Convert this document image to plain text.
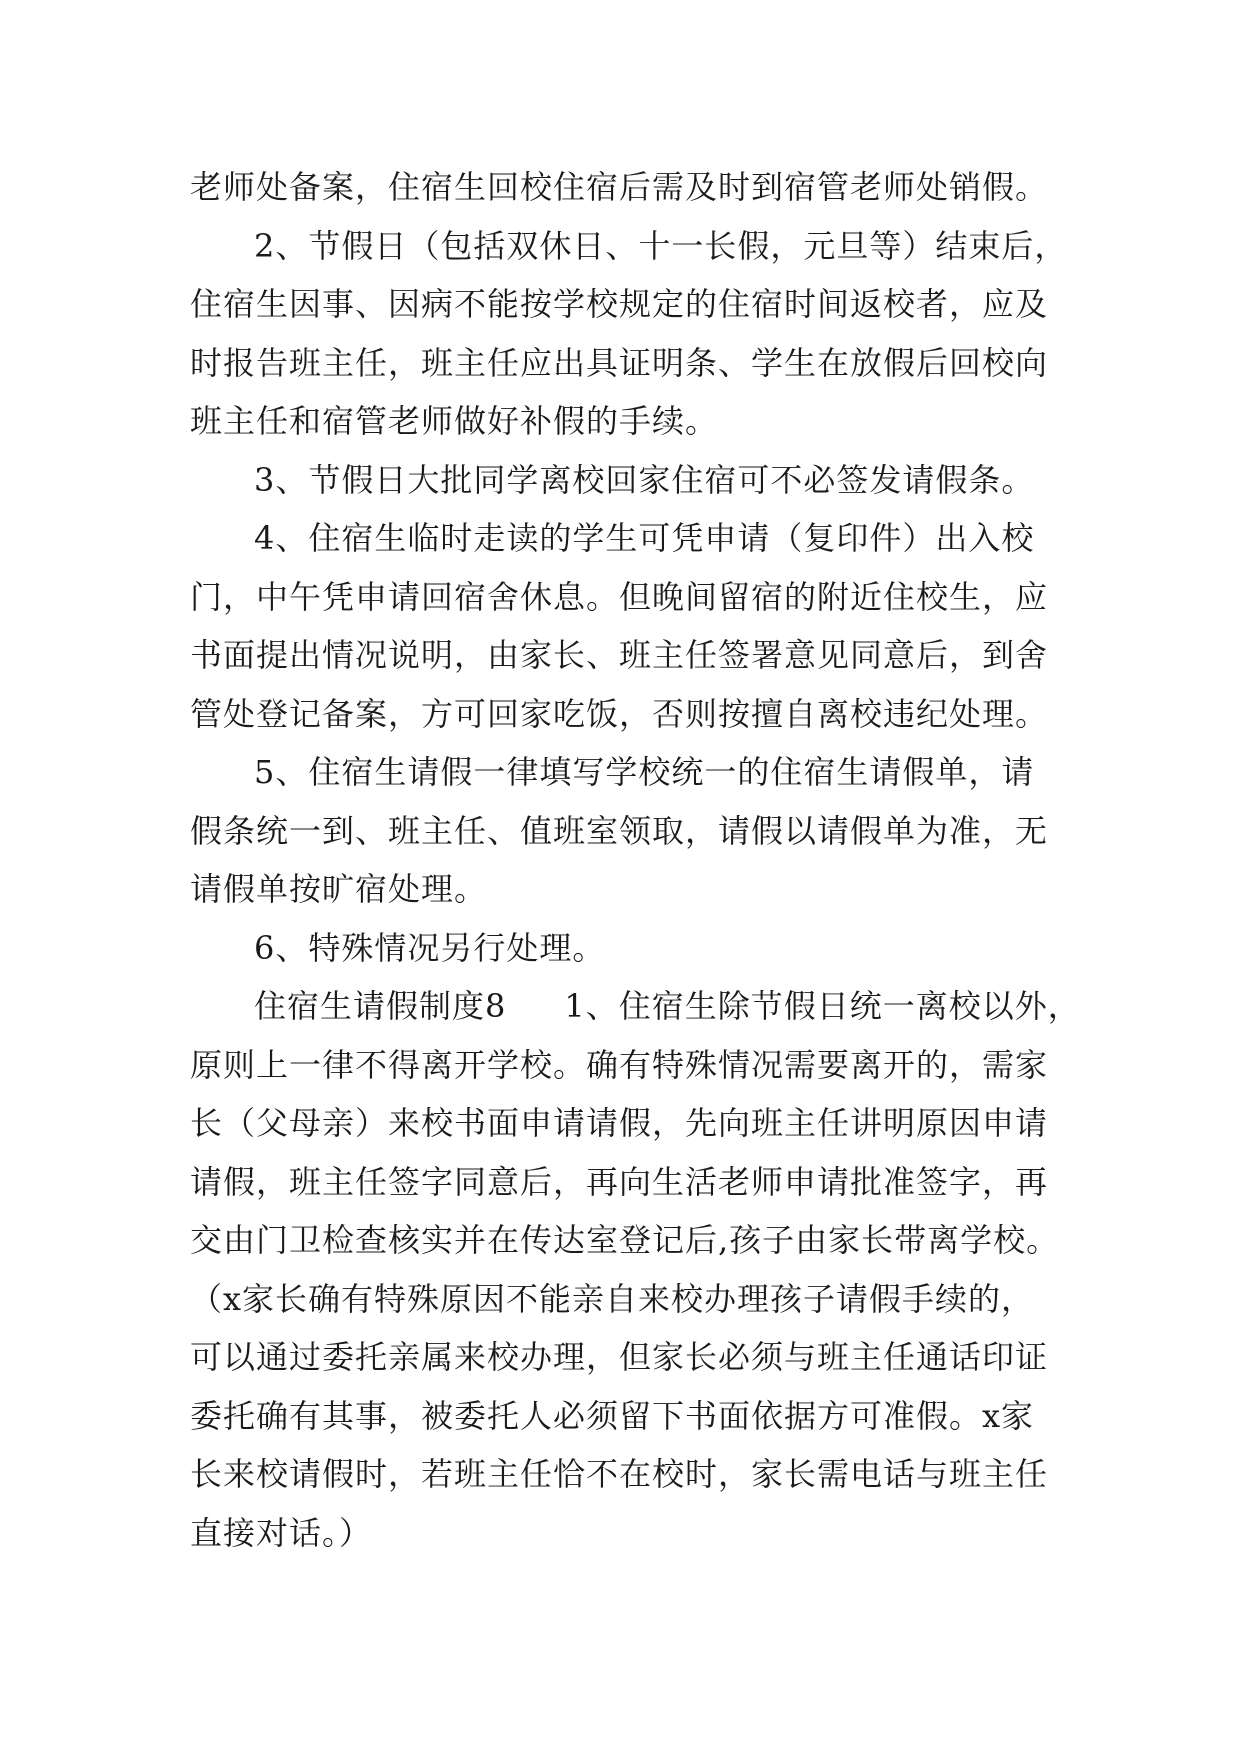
老师处备案，住宿生回校住宿后需及时到宿管老师处销假。
2、节假日（包括双休日、十一长假，元旦等）结束后，
住宿生因事、因病不能按学校规定的住宿时间返校者，应及
时报告班主任，班主任应出具证明条、学生在放假后回校向
班主任和宿管老师做好补假的手续。
3、节假日大批同学离校回家住宿可不必签发请假条。
4、住宿生临时走读的学生可凭申请（复印件）出入校
门，中午凭申请回宿舍休息。但晚间留宿的附近住校生，应
书面提出情况说明，由家长、班主任签署意见同意后，到舍
管处登记备案，方可回家吃饭，否则按擅自离校违纪处理。
5、住宿生请假一律填写学校统一的住宿生请假单，请
假条统一到、班主任、值班室领取，请假以请假单为准，无
请假单按旷宿处理。
6、特殊情况另行处理。
住宿生请假制度8 1、住宿生除节假日统一离校以外，
原则上一律不得离开学校。确有特殊情况需要离开的，需家
长（父母亲）来校书面申请请假，先向班主任讲明原因申请
请假，班主任签字同意后，再向生活老师申请批准签字，再
交由门卫检查核实并在传达室登记后,孩子由家长带离学校。
（x家长确有特殊原因不能亲自来校办理孩子请假手续的，
可以通过委托亲属来校办理，但家长必须与班主任通话印证
委托确有其事，被委托人必须留下书面依据方可准假。x家
长来校请假时，若班主任恰不在校时，家长需电话与班主任
直接对话。）
